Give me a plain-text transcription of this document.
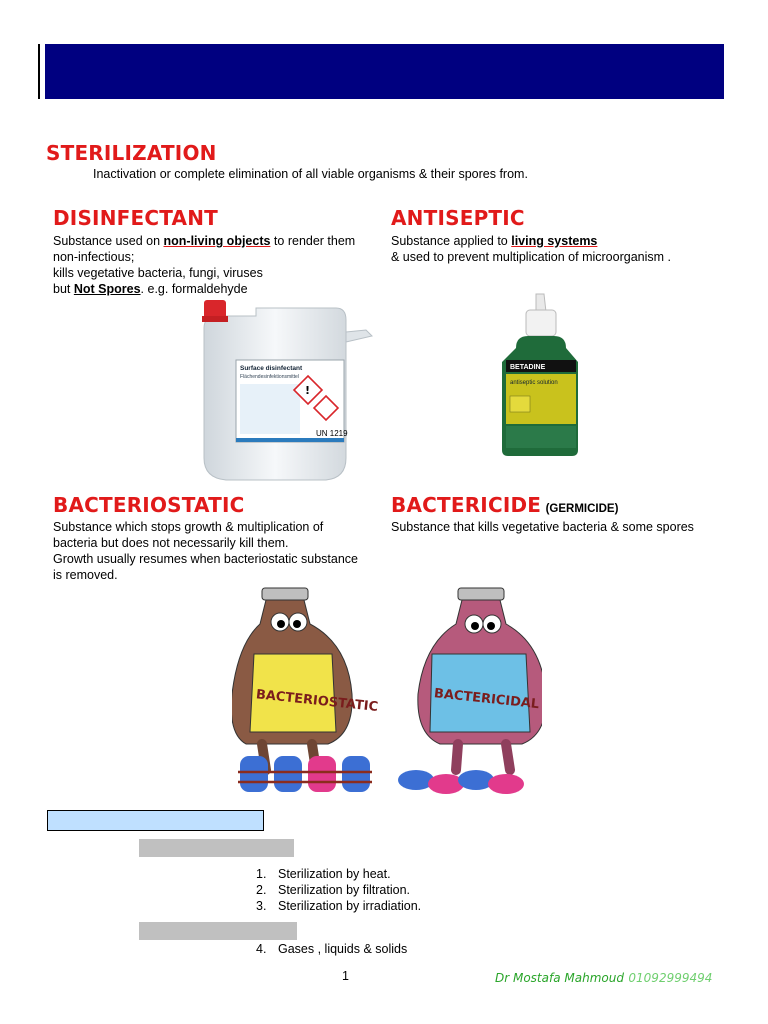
STERILIZATION
Inactivation or complete elimination of all viable organisms & their spores from.
DISINFECTANT
Substance used on non-living objects to render them
non-infectious;
kills vegetative bacteria, fungi, viruses
but Not Spores. e.g. formaldehyde
Surface disinfectant
Flächendesinfektionsmittel
!
UN 1219
ANTISEPTIC
Substance applied to living systems
& used to prevent multiplication of microorganism .
BETADINE
antiseptic solution
BACTERIOSTATIC
Substance which stops growth & multiplication of
bacteria but does not necessarily kill them.
Growth usually resumes when bacteriostatic substance
is removed.
BACTERICIDE (GERMICIDE)
Substance that kills vegetative bacteria & some spores
BACTERIOSTATIC	BACTERICIDAL
1. Sterilization by heat.
2. Sterilization by filtration.
3. Sterilization by irradiation.
4. Gases , liquids & solids
1	Dr Mostafa Mahmoud 01092999494
